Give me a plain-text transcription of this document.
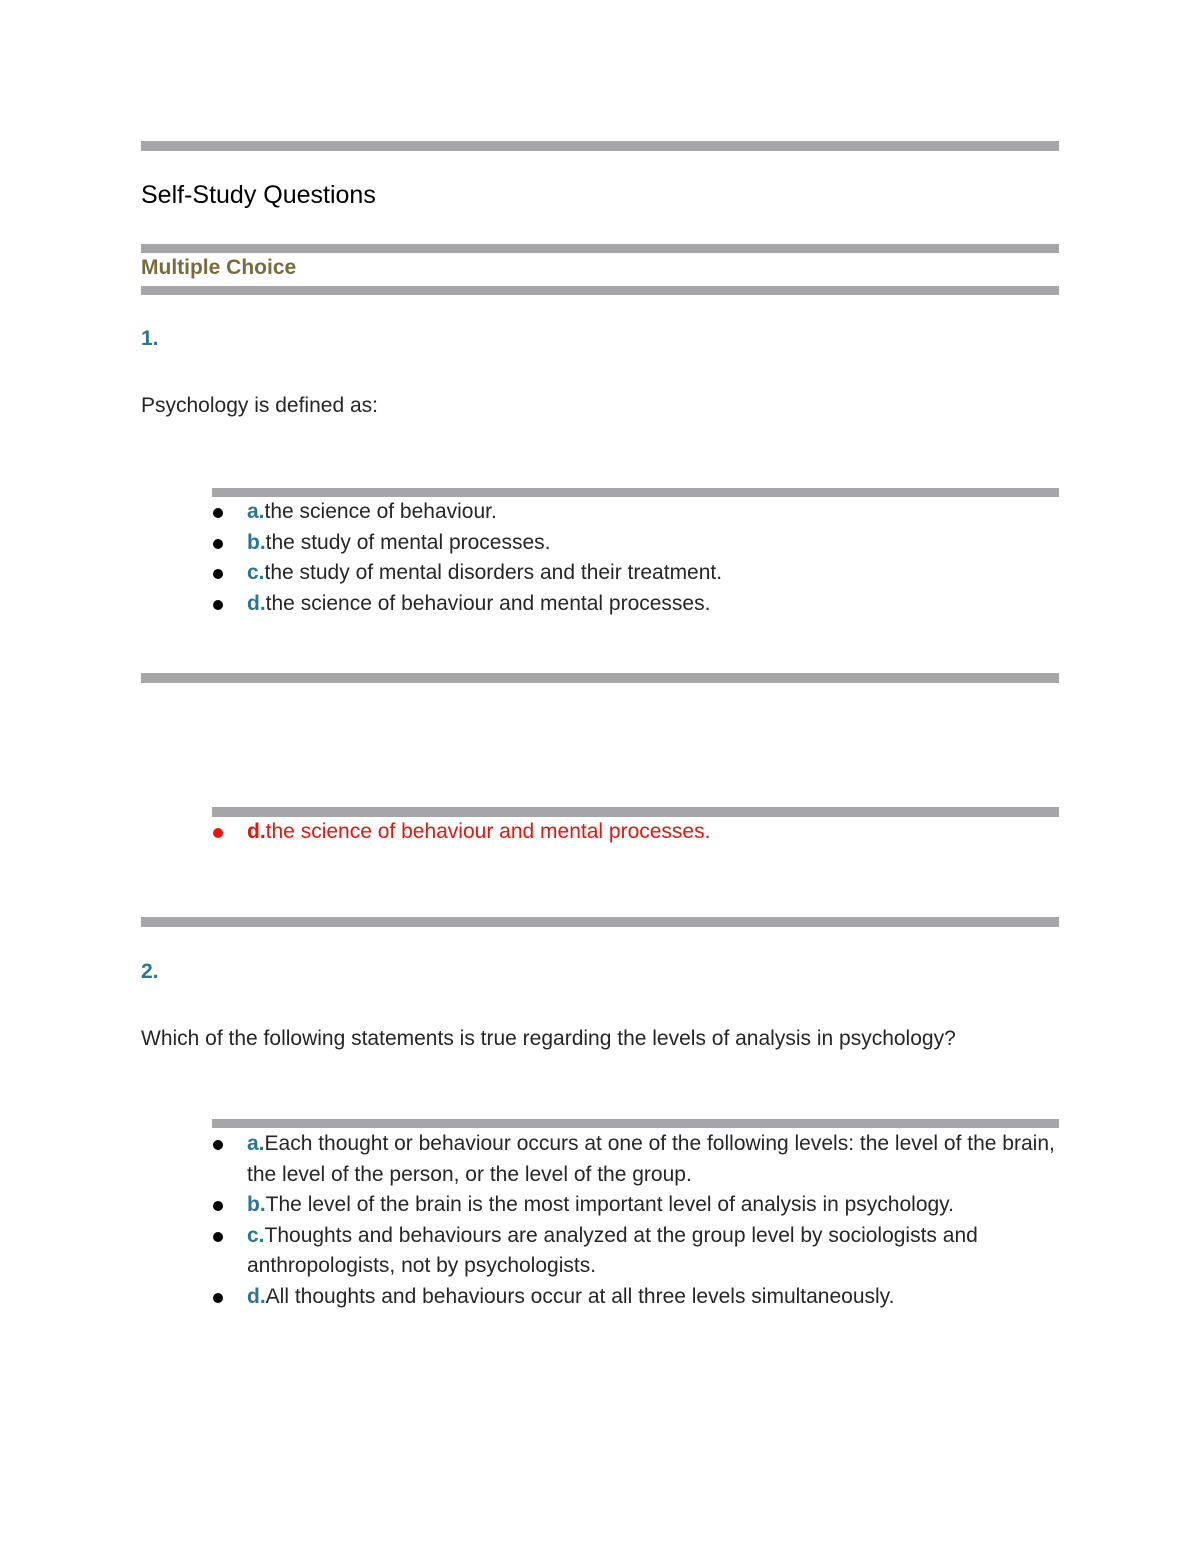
Self-Study Questions
Multiple Choice
1.
Psychology is defined as:
a.the science of behaviour.
b.the study of mental processes.
c.the study of mental disorders and their treatment.
d.the science of behaviour and mental processes.
d.the science of behaviour and mental processes.
2.
Which of the following statements is true regarding the levels of analysis in psychology?
a.Each thought or behaviour occurs at one of the following levels: the level of the brain, the level of the person, or the level of the group.
b.The level of the brain is the most important level of analysis in psychology.
c.Thoughts and behaviours are analyzed at the group level by sociologists and anthropologists, not by psychologists.
d.All thoughts and behaviours occur at all three levels simultaneously.
